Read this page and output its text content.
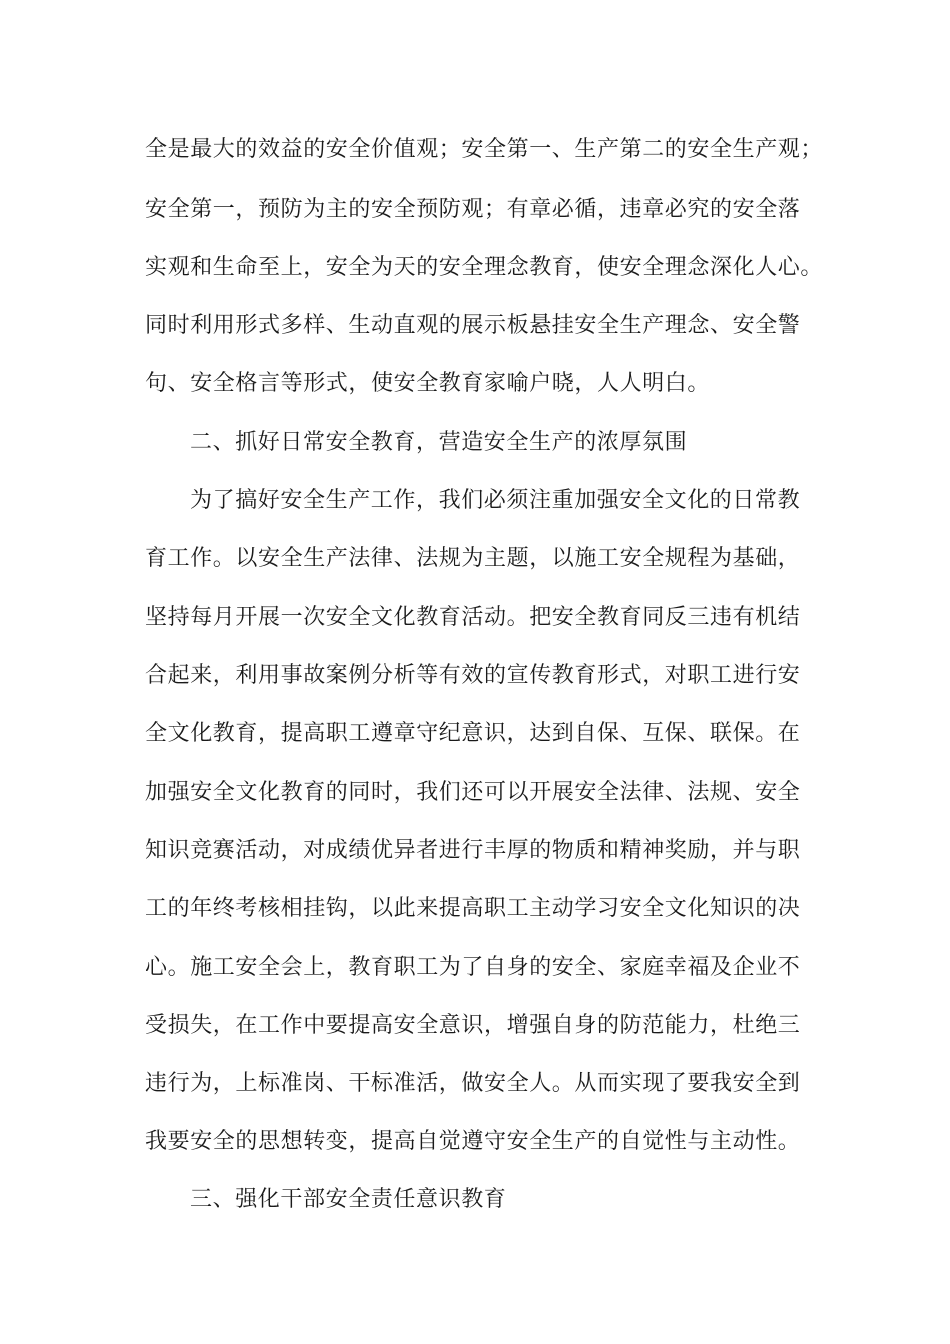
全是最大的效益的安全价值观；安全第一、生产第二的安全生产观；
安全第一，预防为主的安全预防观；有章必循，违章必究的安全落
实观和生命至上，安全为天的安全理念教育，使安全理念深化人心。
同时利用形式多样、生动直观的展示板悬挂安全生产理念、安全警
句、安全格言等形式，使安全教育家喻户晓，人人明白。
二、抓好日常安全教育，营造安全生产的浓厚氛围
为了搞好安全生产工作，我们必须注重加强安全文化的日常教
育工作。以安全生产法律、法规为主题，以施工安全规程为基础，
坚持每月开展一次安全文化教育活动。把安全教育同反三违有机结
合起来，利用事故案例分析等有效的宣传教育形式，对职工进行安
全文化教育，提高职工遵章守纪意识，达到自保、互保、联保。在
加强安全文化教育的同时，我们还可以开展安全法律、法规、安全
知识竞赛活动，对成绩优异者进行丰厚的物质和精神奖励，并与职
工的年终考核相挂钩，以此来提高职工主动学习安全文化知识的决
心。施工安全会上，教育职工为了自身的安全、家庭幸福及企业不
受损失，在工作中要提高安全意识，增强自身的防范能力，杜绝三
违行为，上标准岗、干标准活，做安全人。从而实现了要我安全到
我要安全的思想转变，提高自觉遵守安全生产的自觉性与主动性。
三、强化干部安全责任意识教育
